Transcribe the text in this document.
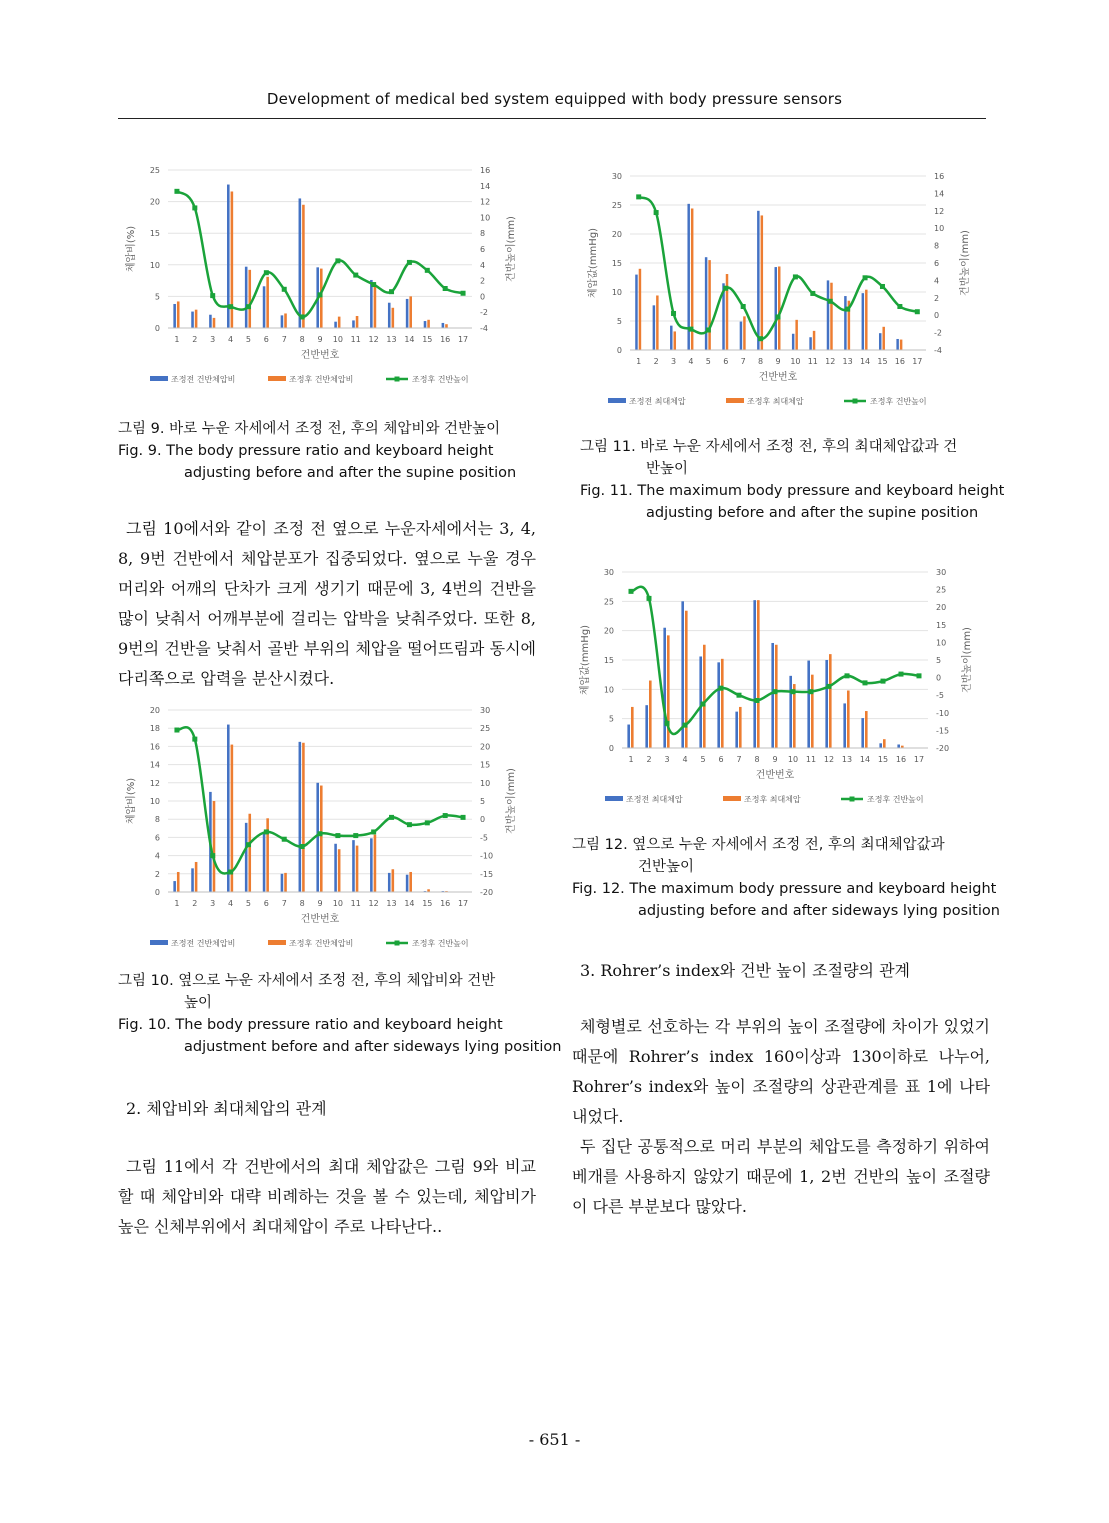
Development of medical bed system equipped with body pressure sensors
0
5
10
15
20
25
-4
-2
0
2
4
6
8
10
12
14
16
1 2 3 4 5 6 7 8 9 10 11 12 13 14 15 16 17
건반번호
체압비(%)	건반높이(mm)
조정전 건반체압비	조정후 건반체압비	조정후 건반높이
그림 9. 바로 누운 자세에서 조정 전, 후의 체압비와 건반높이
Fig. 9. The body pressure ratio and keyboard height
adjusting before and after the supine position
그림 10에서와 같이 조정 전 옆으로 누운자세에서는 3, 4, 8, 9번 건반에서 체압분포가 집중되었다. 옆으로 누울 경우 머리와 어깨의 단차가 크게 생기기 때문에 3, 4번의 건반을 많이 낮춰서 어깨부분에 걸리는 압박을 낮춰주었다. 또한 8, 9번의 건반을 낮춰서 골반 부위의 체압을 떨어뜨림과 동시에 다리쪽으로 압력을 분산시켰다.
0
2
4
6
8
10
12
14
16
18
20
-20
-15
-10
-5
0
5
10
15
20
25
30
1 2 3 4 5 6 7 8 9 10 11 12 13 14 15 16 17
건반번호
체압비(%)	건반높이(mm)
조정전 건반체압비	조정후 건반체압비	조정후 건반높이
그림 10. 옆으로 누운 자세에서 조정 전, 후의 체압비와 건반
높이
Fig. 10. The body pressure ratio and keyboard height
adjustment before and after sideways lying position
2. 체압비와 최대체압의 관계
그림 11에서 각 건반에서의 최대 체압값은 그림 9와 비교할 때 체압비와 대략 비례하는 것을 볼 수 있는데, 체압비가 높은 신체부위에서 최대체압이 주로 나타난다..
0
5
10
15
20
25
30
-4
-2
0
2
4
6
8
10
12
14
16
1 2 3 4 5 6 7 8 9 10 11 12 13 14 15 16 17
건반번호
체압값(mmHg)	건반높이(mm)
조정전 최대체압	조정후 최대체압	조정후 건반높이
그림 11. 바로 누운 자세에서 조정 전, 후의 최대체압값과 건
반높이
Fig. 11. The maximum body pressure and keyboard height
adjusting before and after the supine position
0
5
10
15
20
25
30
-20
-15
-10
-5
0
5
10
15
20
25
30
1 2 3 4 5 6 7 8 9 10 11 12 13 14 15 16 17
건반번호
체압값(mmHg)	건반높이(mm)
조정전 최대체압	조정후 최대체압	조정후 건반높이
그림 12. 옆으로 누운 자세에서 조정 전, 후의 최대체압값과
건반높이
Fig. 12. The maximum body pressure and keyboard height
adjusting before and after sideways lying position
3. Rohrer’s index와 건반 높이 조절량의 관계
체형별로 선호하는 각 부위의 높이 조절량에 차이가 있었기 때문에 Rohrer’s index 160이상과 130이하로 나누어, Rohrer’s index와 높이 조절량의 상관관계를 표 1에 나타내었다.
두 집단 공통적으로 머리 부분의 체압도를 측정하기 위하여 베개를 사용하지 않았기 때문에 1, 2번 건반의 높이 조절량이 다른 부분보다 많았다.
- 651 -
